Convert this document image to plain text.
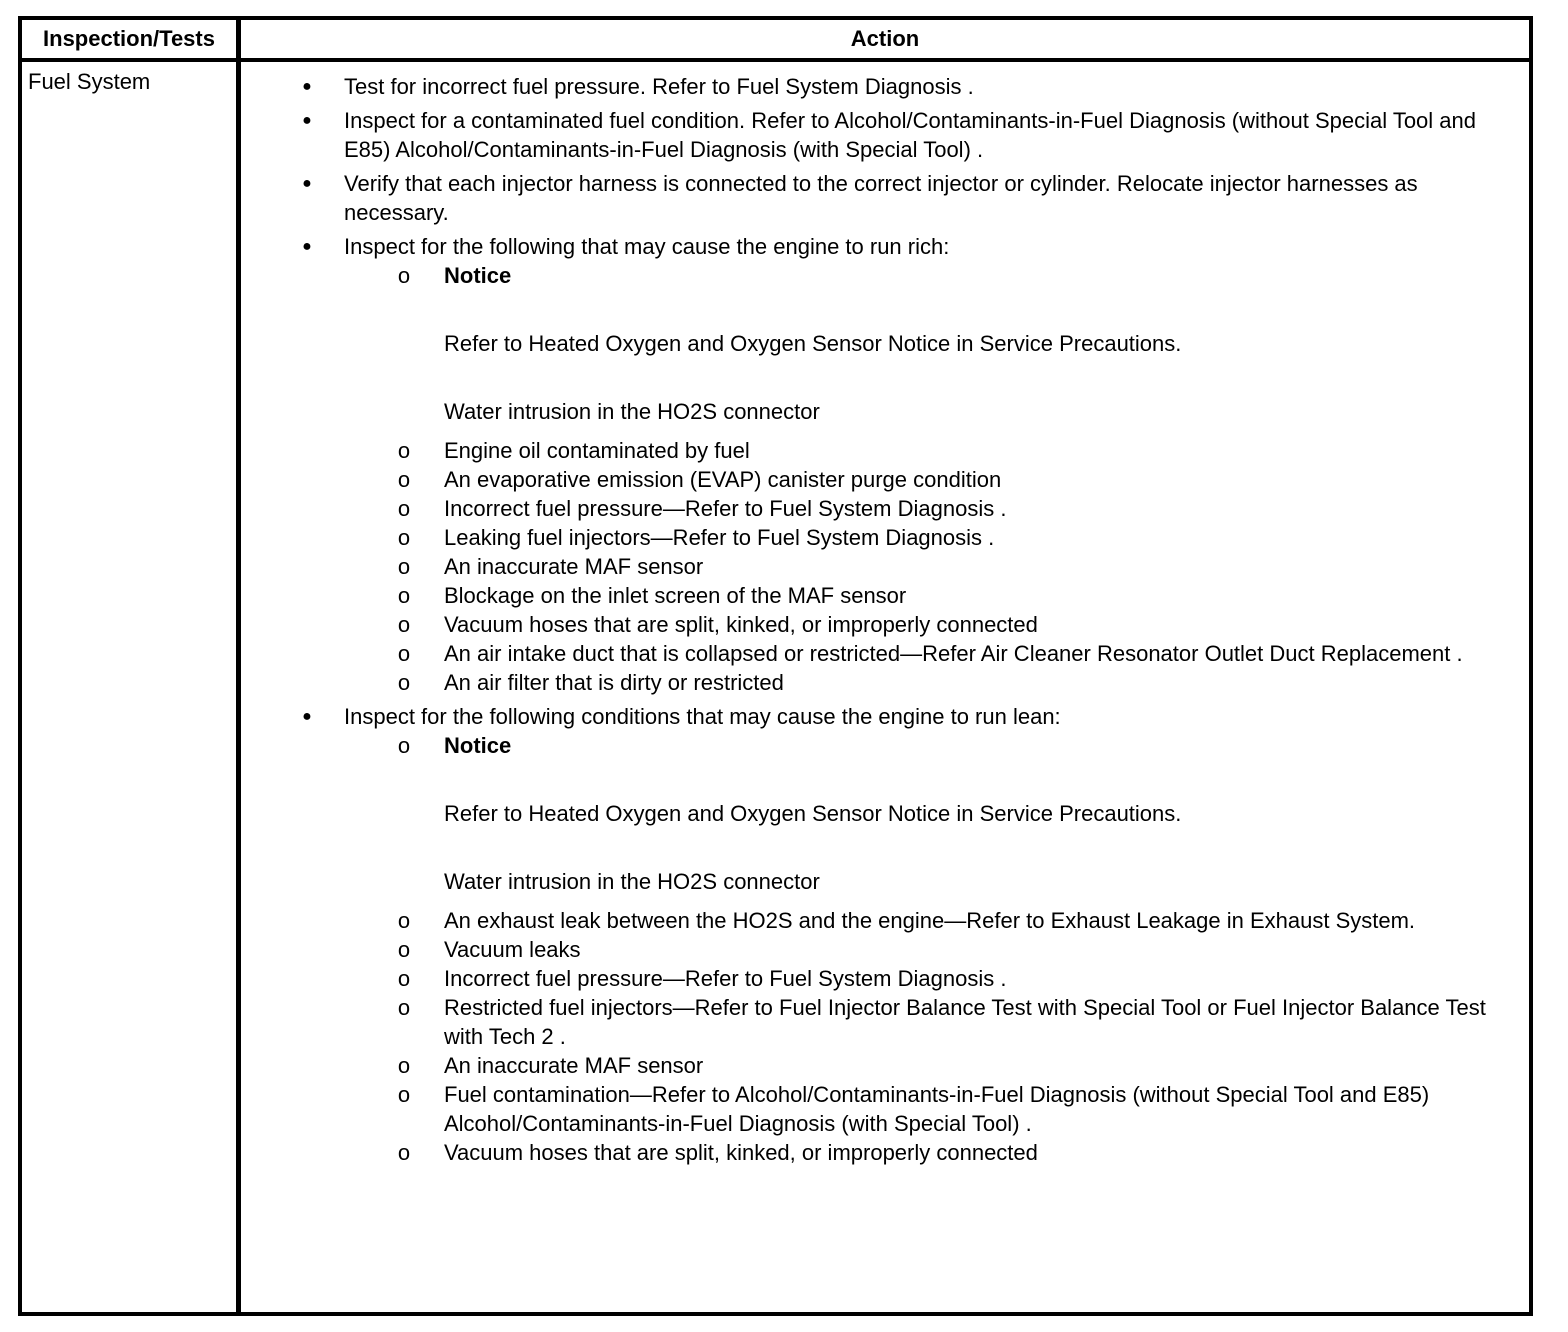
Inspection/Tests	Action
Fuel System	● Test for incorrect fuel pressure. Refer to Fuel System Diagnosis .
● Inspect for a contaminated fuel condition. Refer to Alcohol/Contaminants-in-Fuel Diagnosis (without Special Tool and E85) Alcohol/Contaminants-in-Fuel Diagnosis (with Special Tool) .
● Verify that each injector harness is connected to the correct injector or cylinder. Relocate injector harnesses as necessary.
● Inspect for the following that may cause the engine to run rich:
o Notice

Refer to Heated Oxygen and Oxygen Sensor Notice in Service Precautions.

Water intrusion in the HO2S connector

o	Engine oil contaminated by fuel
o	An evaporative emission (EVAP) canister purge condition
o	Incorrect fuel pressure—Refer to Fuel System Diagnosis .
o	Leaking fuel injectors—Refer to Fuel System Diagnosis .
o	An inaccurate MAF sensor
o	Blockage on the inlet screen of the MAF sensor
o	Vacuum hoses that are split, kinked, or improperly connected
o	An air intake duct that is collapsed or restricted—Refer Air Cleaner Resonator Outlet Duct Replacement .
o	An air filter that is dirty or restricted
● Inspect for the following conditions that may cause the engine to run lean:
o Notice

Refer to Heated Oxygen and Oxygen Sensor Notice in Service Precautions.

Water intrusion in the HO2S connector

o	An exhaust leak between the HO2S and the engine—Refer to Exhaust Leakage in Exhaust System.
o	Vacuum leaks
o	Incorrect fuel pressure—Refer to Fuel System Diagnosis .
o	Restricted fuel injectors—Refer to Fuel Injector Balance Test with Special Tool or Fuel Injector Balance Test with Tech 2 .
o	An inaccurate MAF sensor
o	Fuel contamination—Refer to Alcohol/Contaminants-in-Fuel Diagnosis (without Special Tool and E85) Alcohol/Contaminants-in-Fuel Diagnosis (with Special Tool) .
o	Vacuum hoses that are split, kinked, or improperly connected
